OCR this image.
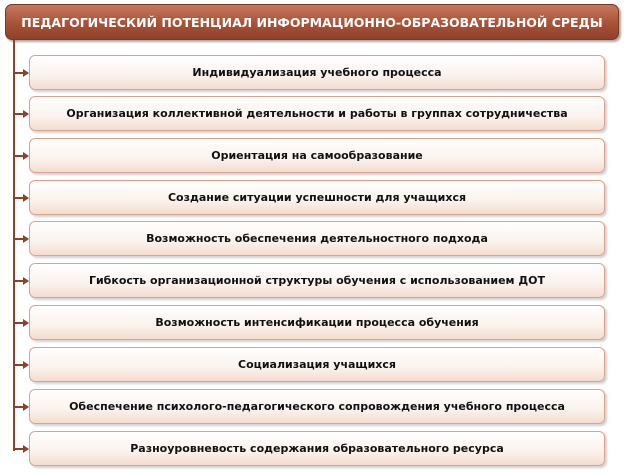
ПЕДАГОГИЧЕСКИЙ ПОТЕНЦИАЛ ИНФОРМАЦИОННО-ОБРАЗОВАТЕЛЬНОЙ СРЕДЫ
Индивидуализация учебного процесса
Организация коллективной деятельности и работы в группах сотрудничества
Ориентация на самообразование
Создание ситуации успешности для учащихся
Возможность обеспечения деятельностного подхода
Гибкость организационной структуры обучения с использованием ДОТ
Возможность интенсификации процесса обучения
Социализация учащихся
Обеспечение психолого-педагогического сопровождения учебного процесса
Разноуровневость содержания образовательного ресурса
